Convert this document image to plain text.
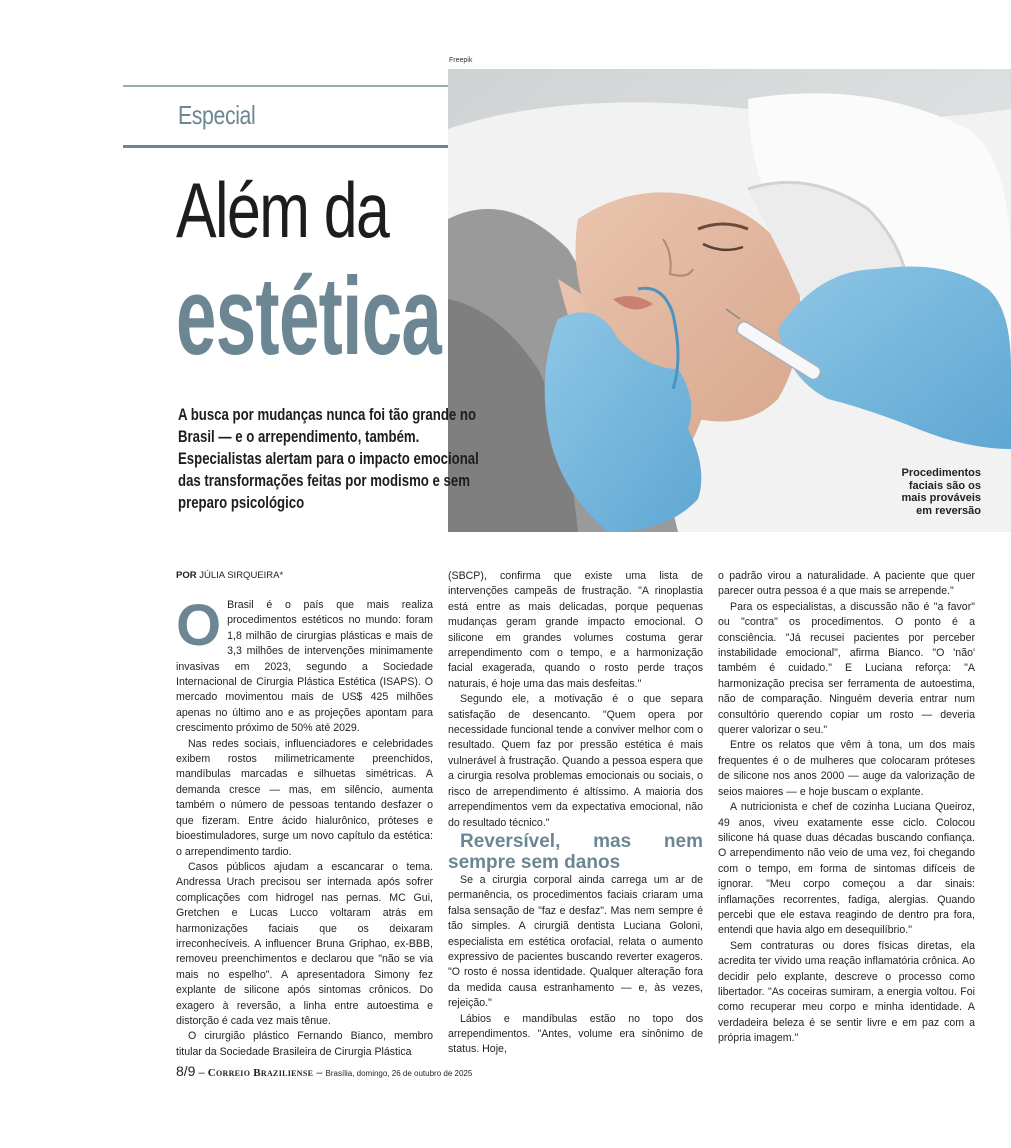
Freepik
Procedimentos
faciais são os
mais prováveis
em reversão
Especial
Além da
estética
A busca por mudanças nunca foi tão grande no Brasil — e o arrependimento, também. Especialistas alertam para o impacto emocional das transformações feitas por modismo e sem preparo psicológico
POR JÚLIA SIRQUEIRA*
O Brasil é o país que mais realiza procedimentos estéticos no mundo: foram 1,8 milhão de cirurgias plásticas e mais de 3,3 milhões de intervenções minimamente invasivas em 2023, segundo a Sociedade Internacional de Cirurgia Plástica Estética (ISAPS). O mercado movimentou mais de US$ 425 milhões apenas no último ano e as projeções apontam para crescimento próximo de 50% até 2029.

Nas redes sociais, influenciadores e celebridades exibem rostos milimetricamente preenchidos, mandíbulas marcadas e silhuetas simétricas. A demanda cresce — mas, em silêncio, aumenta também o número de pessoas tentando desfazer o que fizeram. Entre ácido hialurônico, próteses e bioestimuladores, surge um novo capítulo da estética: o arrependimento tardio.

Casos públicos ajudam a escancarar o tema. Andressa Urach precisou ser internada após sofrer complicações com hidrogel nas pernas. MC Gui, Gretchen e Lucas Lucco voltaram atrás em harmonizações faciais que os deixaram irreconhecíveis. A influencer Bruna Griphao, ex-BBB, removeu preenchimentos e declarou que "não se via mais no espelho". A apresentadora Simony fez explante de silicone após sintomas crônicos. Do exagero à reversão, a linha entre autoestima e distorção é cada vez mais tênue.

O cirurgião plástico Fernando Bianco, membro titular da Sociedade Brasileira de Cirurgia Plástica

(SBCP), confirma que existe uma lista de intervenções campeãs de frustração. "A rinoplastia está entre as mais delicadas, porque pequenas mudanças geram grande impacto emocional. O silicone em grandes volumes costuma gerar arrependimento com o tempo, e a harmonização facial exagerada, quando o rosto perde traços naturais, é hoje uma das mais desfeitas."

Segundo ele, a motivação é o que separa satisfação de desencanto. "Quem opera por necessidade funcional tende a conviver melhor com o resultado. Quem faz por pressão estética é mais vulnerável à frustração. Quando a pessoa espera que a cirurgia resolva problemas emocionais ou sociais, o risco de arrependimento é altíssimo. A maioria dos arrependimentos vem da expectativa emocional, não do resultado técnico."

Reversível, mas nem sempre sem danos

Se a cirurgia corporal ainda carrega um ar de permanência, os procedimentos faciais criaram uma falsa sensação de "faz e desfaz". Mas nem sempre é tão simples. A cirurgiã dentista Luciana Goloni, especialista em estética orofacial, relata o aumento expressivo de pacientes buscando reverter exageros. "O rosto é nossa identidade. Qualquer alteração fora da medida causa estranhamento — e, às vezes, rejeição."

Lábios e mandíbulas estão no topo dos arrependimentos. "Antes, volume era sinônimo de status. Hoje,

o padrão virou a naturalidade. A paciente que quer parecer outra pessoa é a que mais se arrepende."

Para os especialistas, a discussão não é "a favor" ou "contra" os procedimentos. O ponto é a consciência. "Já recusei pacientes por perceber instabilidade emocional", afirma Bianco. "O 'não' também é cuidado." E Luciana reforça: "A harmonização precisa ser ferramenta de autoestima, não de comparação. Ninguém deveria entrar num consultório querendo copiar um rosto — deveria querer valorizar o seu."

Entre os relatos que vêm à tona, um dos mais frequentes é o de mulheres que colocaram próteses de silicone nos anos 2000 — auge da valorização de seios maiores — e hoje buscam o explante.

A nutricionista e chef de cozinha Luciana Queiroz, 49 anos, viveu exatamente esse ciclo. Colocou silicone há quase duas décadas buscando confiança. O arrependimento não veio de uma vez, foi chegando com o tempo, em forma de sintomas difíceis de ignorar. "Meu corpo começou a dar sinais: inflamações recorrentes, fadiga, alergias. Quando percebi que ele estava reagindo de dentro pra fora, entendi que havia algo em desequilíbrio."

Sem contraturas ou dores físicas diretas, ela acredita ter vivido uma reação inflamatória crônica. Ao decidir pelo explante, descreve o processo como libertador. "As coceiras sumiram, a energia voltou. Foi como recuperar meu corpo e minha identidade. A verdadeira beleza é se sentir livre e em paz com a própria imagem."

8/9 – Correio Braziliense – Brasília, domingo, 26 de outubro de 2025
